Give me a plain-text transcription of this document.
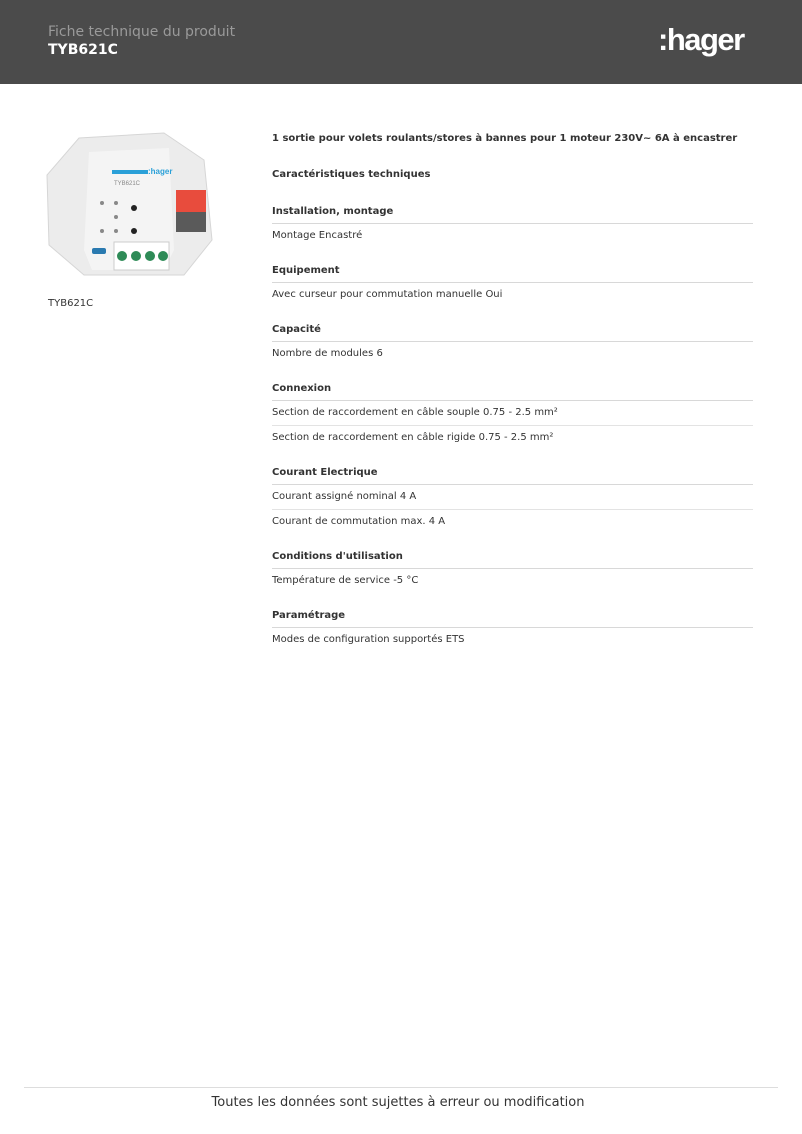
Fiche technique du produit
TYB621C	:hager
:hager
TYB621C
TYB621C
1 sortie pour volets roulants/stores à bannes pour 1 moteur 230V~ 6A à encastrer
Caractéristiques techniques
Installation, montage
Montage Encastré
Equipement
Avec curseur pour commutation manuelle Oui
Capacité
Nombre de modules 6
Connexion
Section de raccordement en câble souple 0.75 - 2.5 mm²
Section de raccordement en câble rigide 0.75 - 2.5 mm²
Courant Electrique
Courant assigné nominal 4 A
Courant de commutation max. 4 A
Conditions d'utilisation
Température de service -5 °C
Paramétrage
Modes de configuration supportés ETS
Toutes les données sont sujettes à erreur ou modification
